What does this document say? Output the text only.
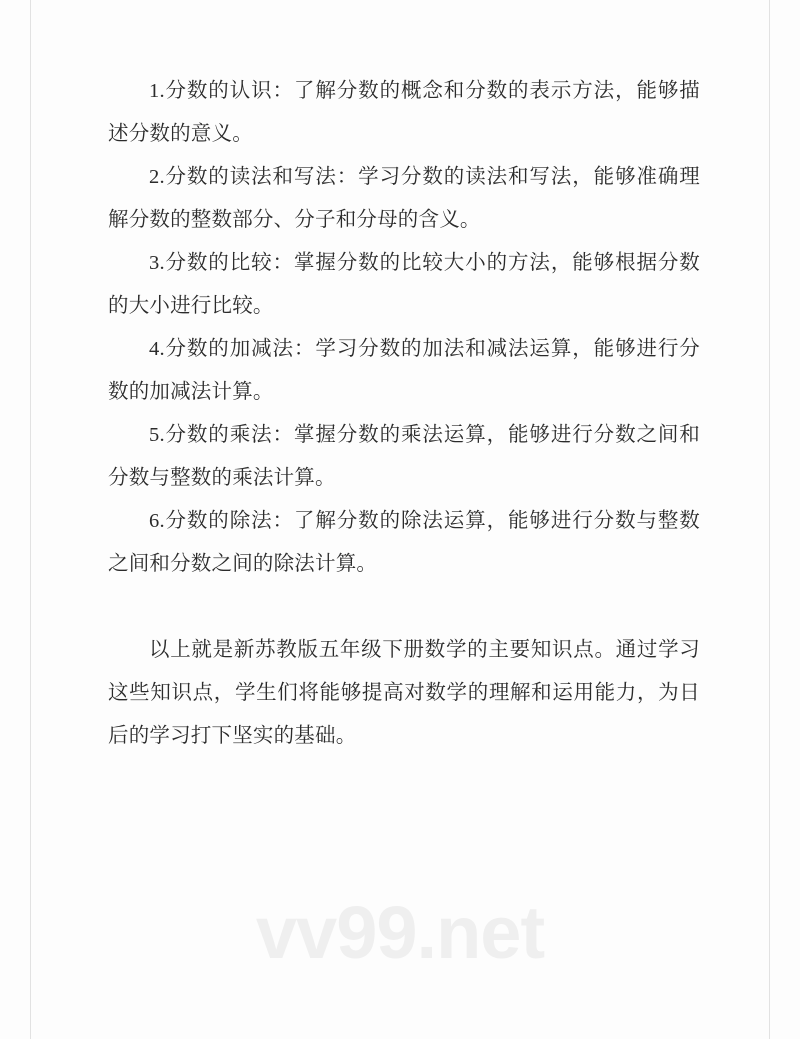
1.分数的认识：了解分数的概念和分数的表示方法，能够描述分数的意义。

2.分数的读法和写法：学习分数的读法和写法，能够准确理解分数的整数部分、分子和分母的含义。

3.分数的比较：掌握分数的比较大小的方法，能够根据分数的大小进行比较。

4.分数的加减法：学习分数的加法和减法运算，能够进行分数的加减法计算。

5.分数的乘法：掌握分数的乘法运算，能够进行分数之间和分数与整数的乘法计算。

6.分数的除法：了解分数的除法运算，能够进行分数与整数之间和分数之间的除法计算。

以上就是新苏教版五年级下册数学的主要知识点。通过学习这些知识点，学生们将能够提高对数学的理解和运用能力，为日后的学习打下坚实的基础。

vv99.net
